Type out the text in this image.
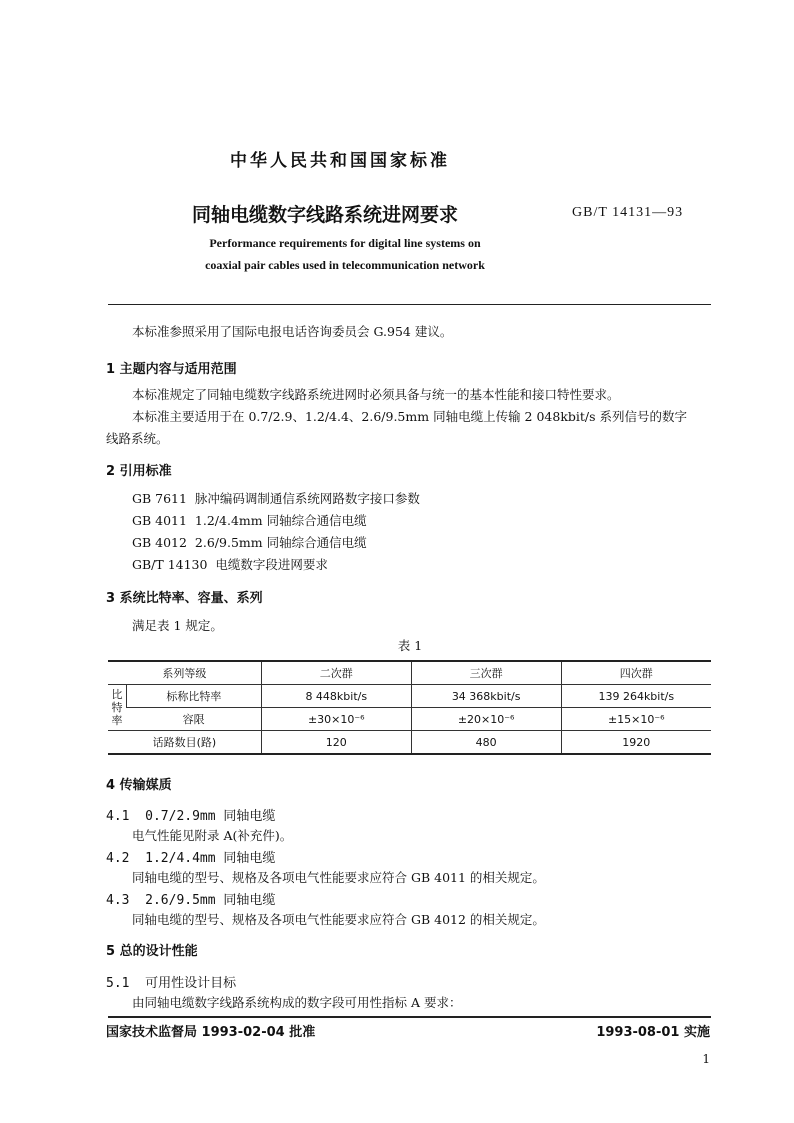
中华人民共和国国家标准
同轴电缆数字线路系统进网要求	GB/T 14131—93
Performance requirements for digital line systems on
coaxial pair cables used in telecommunication network
本标准参照采用了国际电报电话咨询委员会 G.954 建议。
1 主题内容与适用范围
本标准规定了同轴电缆数字线路系统进网时必须具备与统一的基本性能和接口特性要求。
本标准主要适用于在 0.7/2.9、1.2/4.4、2.6/9.5mm 同轴电缆上传输 2 048kbit/s 系列信号的数字
线路系统。
2 引用标准
GB 7611 脉冲编码调制通信系统网路数字接口参数
GB 4011 1.2/4.4mm 同轴综合通信电缆
GB 4012 2.6/9.5mm 同轴综合通信电缆
GB/T 14130 电缆数字段进网要求
3 系统比特率、容量、系列
满足表 1 规定。
表 1
系列等级		二次群	三次群	四次群
比特率	标称比特率	8 448kbit/s	34 368kbit/s	139 264kbit/s
	容限	±30×10⁻⁶	±20×10⁻⁶	±15×10⁻⁶
话路数目(路)		120	480	1920
4 传输媒质
4.1 0.7/2.9mm 同轴电缆
电气性能见附录 A(补充件)。
4.2 1.2/4.4mm 同轴电缆
同轴电缆的型号、规格及各项电气性能要求应符合 GB 4011 的相关规定。
4.3 2.6/9.5mm 同轴电缆
同轴电缆的型号、规格及各项电气性能要求应符合 GB 4012 的相关规定。
5 总的设计性能
5.1 可用性设计目标
由同轴电缆数字线路系统构成的数字段可用性指标 A 要求：
国家技术监督局 1993-02-04 批准	1993-08-01 实施
1
